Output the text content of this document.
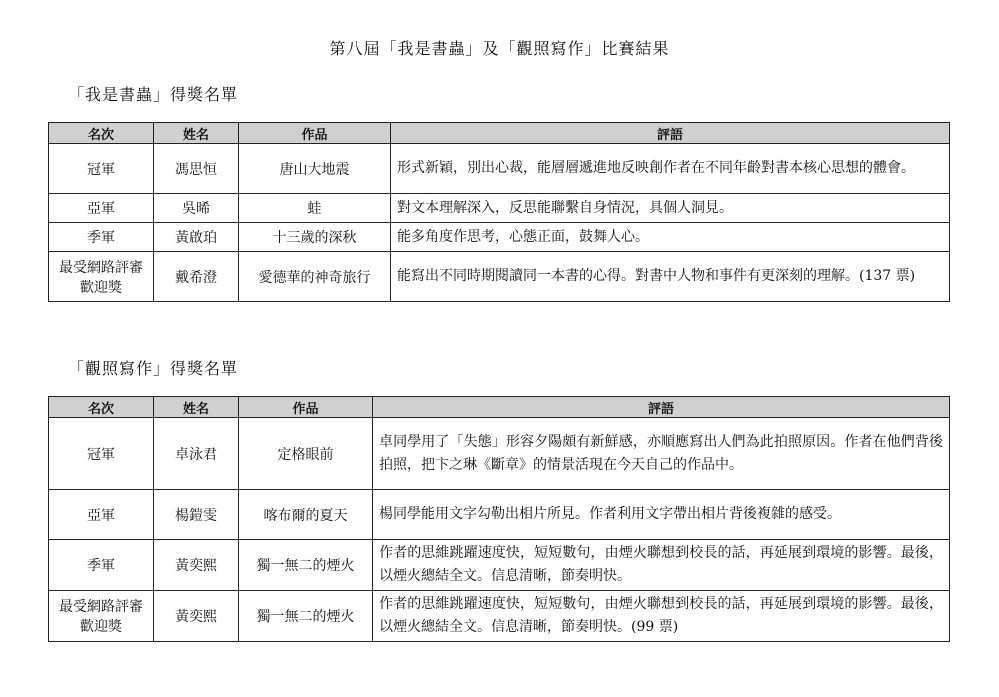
第八屆「我是書蟲」及「觀照寫作」比賽結果
「我是書蟲」得獎名單
名次	姓名	作品	評語
冠軍	馮思恒	唐山大地震	形式新穎，別出心裁，能層層遞進地反映創作者在不同年齡對書本核心思想的體會。
亞軍	吳晞	蛙	對文本理解深入，反思能聯繫自身情況，具個人洞見。
季軍	黃啟珀	十三歲的深秋	能多角度作思考，心態正面，鼓舞人心。
最受網路評審歡迎獎	戴希澄	愛德華的神奇旅行	能寫出不同時期閱讀同一本書的心得。對書中人物和事件有更深刻的理解。(137 票)
「觀照寫作」得獎名單
名次	姓名	作品	評語
冠軍	卓泳君	定格眼前	卓同學用了「失態」形容夕陽頗有新鮮感，亦順應寫出人們為此拍照原因。作者在他們背後拍照，把卞之琳《斷章》的情景活現在今天自己的作品中。
亞軍	楊鎧雯	喀布爾的夏天	楊同學能用文字勾勒出相片所見。作者利用文字帶出相片背後複雜的感受。
季軍	黃奕熙	獨一無二的煙火	作者的思維跳躍速度快，短短數句，由煙火聯想到校長的話，再延展到環境的影響。最後，以煙火總結全文。信息清晰，節奏明快。
最受網路評審歡迎獎	黃奕熙	獨一無二的煙火	作者的思維跳躍速度快，短短數句，由煙火聯想到校長的話，再延展到環境的影響。最後，以煙火總結全文。信息清晰，節奏明快。(99 票)
